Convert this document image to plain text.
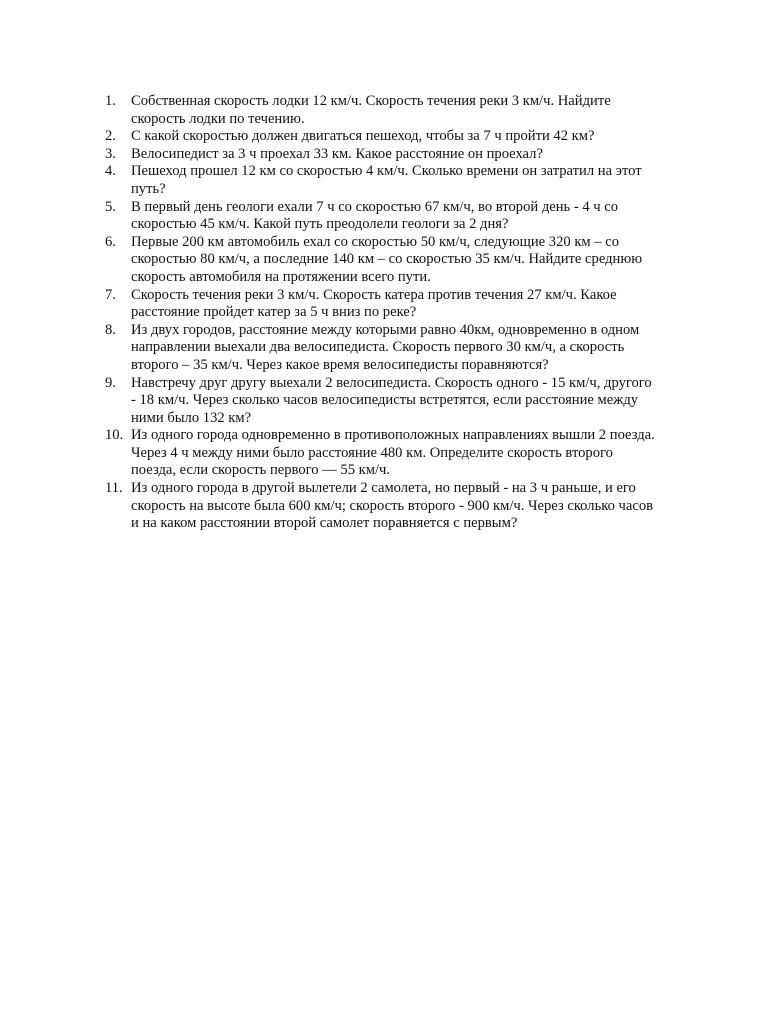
1.	Собственная скорость лодки 12 км/ч. Скорость течения реки 3 км/ч. Найдите
скорость лодки по течению.
2.	С какой скоростью должен двигаться пешеход, чтобы за 7 ч пройти 42 км?
3.	Велосипедист за 3 ч проехал 33 км. Какое расстояние он проехал?
4.	Пешеход прошел 12 км со скоростью 4 км/ч. Сколько времени он затратил на этот
путь?
5.	В первый день геологи ехали 7 ч со скоростью 67 км/ч, во второй день - 4 ч со
скоростью 45 км/ч. Какой путь преодолели геологи за 2 дня?
6.	Первые 200 км автомобиль ехал со скоростью 50 км/ч, следующие 320 км – со
скоростью 80 км/ч, а последние 140 км – со скоростью 35 км/ч. Найдите среднюю
скорость автомобиля на протяжении всего пути.
7.	Скорость течения реки 3 км/ч. Скорость катера против течения 27 км/ч. Какое
расстояние пройдет катер за 5 ч вниз по реке?
8.	Из двух городов, расстояние между которыми равно 40км, одновременно в одном
направлении выехали два велосипедиста. Скорость первого 30 км/ч, а скорость
второго – 35 км/ч. Через какое время велосипедисты поравняются?
9.	Навстречу друг другу выехали 2 велосипедиста. Скорость одного - 15 км/ч, другого
- 18 км/ч. Через сколько часов велосипедисты встретятся, если расстояние между
ними было 132 км?
10. Из одного города одновременно в противоположных направлениях вышли 2 поезда.
Через 4 ч между ними было расстояние 480 км. Определите скорость второго
поезда, если скорость первого — 55 км/ч.
11. Из одного города в другой вылетели 2 самолета, но первый - на 3 ч раньше, и его
скорость на высоте была 600 км/ч; скорость второго - 900 км/ч. Через сколько часов
и на каком расстоянии второй самолет поравняется с первым?
